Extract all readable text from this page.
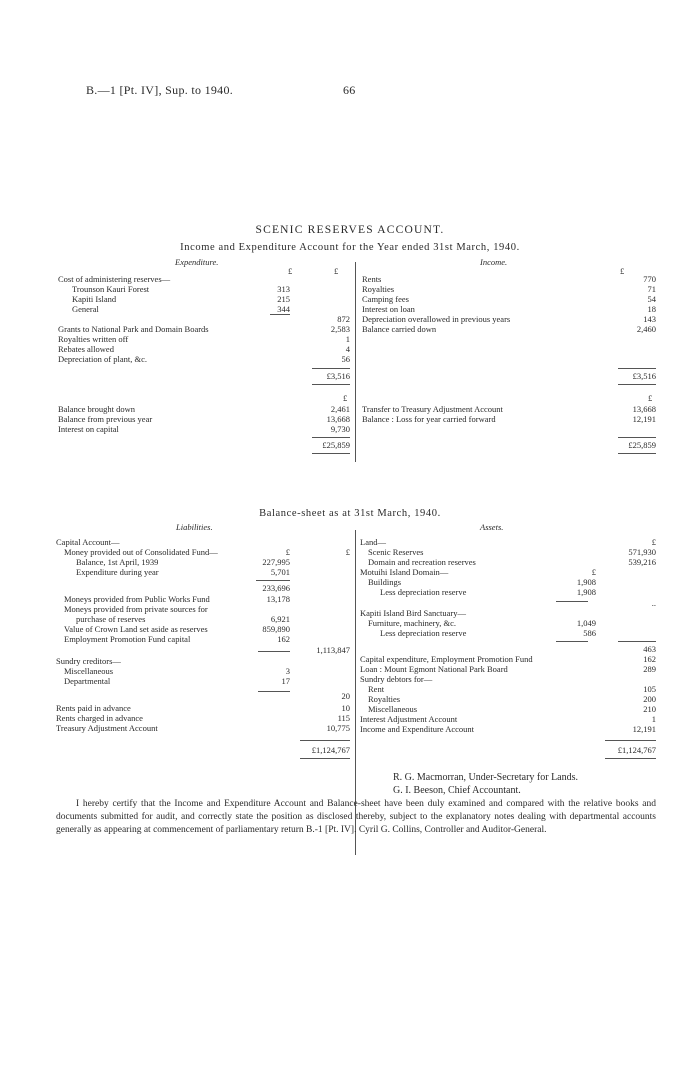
B.—1 [Pt. IV], Sup. to 1940.	66
SCENIC RESERVES ACCOUNT.
Income and Expenditure Account for the Year ended 31st March, 1940.
Expenditure.	Income.
£	£	£
Cost of administering reserves—
Trounson Kauri Forest	313
Kapiti Island	215
General	344
872
Grants to National Park and Domain Boards	2,583
Royalties written off	1
Rebates allowed	4
Depreciation of plant, &c.	56
Rents	770
Royalties	71
Camping fees	54
Interest on loan	18
Depreciation overallowed in previous years	143
Balance carried down	2,460
£3,516	£3,516
£	£
Balance brought down	2,461
Balance from previous year	13,668
Interest on capital	9,730
Transfer to Treasury Adjustment Account	13,668
Balance : Loss for year carried forward	12,191
£25,859	£25,859
Balance-sheet as at 31st March, 1940.
Liabilities.	Assets.
Capital Account—
Money provided out of Consolidated Fund—	£	£
Balance, 1st April, 1939	227,995
Expenditure during year	5,701
233,696
Moneys provided from Public Works Fund	13,178
Moneys provided from private sources for
purchase of reserves	6,921
Value of Crown Land set aside as reserves	859,890
Employment Promotion Fund capital	162
1,113,847
Sundry creditors—
Miscellaneous	3
Departmental	17
20
Rents paid in advance	10
Rents charged in advance	115
Treasury Adjustment Account	10,775
Land—	£
Scenic Reserves	571,930
Domain and recreation reserves	539,216
Motuihi Island Domain—	£
Buildings	1,908
Less depreciation reserve	1,908
..
Kapiti Island Bird Sanctuary—
Furniture, machinery, &c.	1,049
Less depreciation reserve	586
463
Capital expenditure, Employment Promotion Fund	162
Loan : Mount Egmont National Park Board	289
Sundry debtors for—
Rent	105
Royalties	200
Miscellaneous	210
Interest Adjustment Account	1
Income and Expenditure Account	12,191
£1,124,767	£1,124,767
R. G. Macmorran, Under-Secretary for Lands.
G. I. Beeson, Chief Accountant.
I hereby certify that the Income and Expenditure Account and Balance-sheet have been duly examined and compared with the relative books and documents submitted for audit, and correctly state the position as disclosed thereby, subject to the explanatory notes dealing with departmental accounts generally as appearing at commencement of parliamentary return B.-1 [Pt. IV]. Cyril G. Collins, Controller and Auditor-General.
